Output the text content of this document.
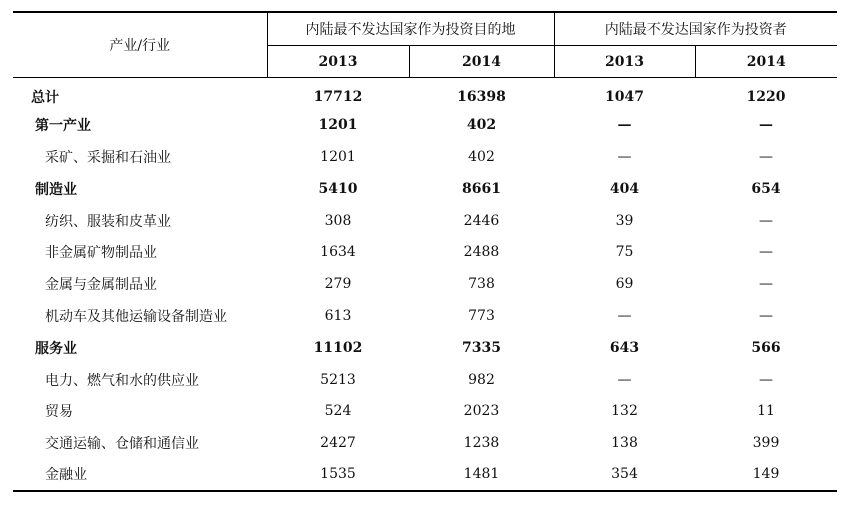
产业/行业	内陆最不发达国家作为投资目的地		内陆最不发达国家作为投资者	
	2013	2014	2013	2014
总计	17712	16398	1047	1220
第一产业	1201	402	—	—
采矿、采掘和石油业	1201	402	—	—
制造业	5410	8661	404	654
纺织、服装和皮革业	308	2446	39	—
非金属矿物制品业	1634	2488	75	—
金属与金属制品业	279	738	69	—
机动车及其他运输设备制造业	613	773	—	—
服务业	11102	7335	643	566
电力、燃气和水的供应业	5213	982	—	—
贸易	524	2023	132	11
交通运输、仓储和通信业	2427	1238	138	399
金融业	1535	1481	354	149
